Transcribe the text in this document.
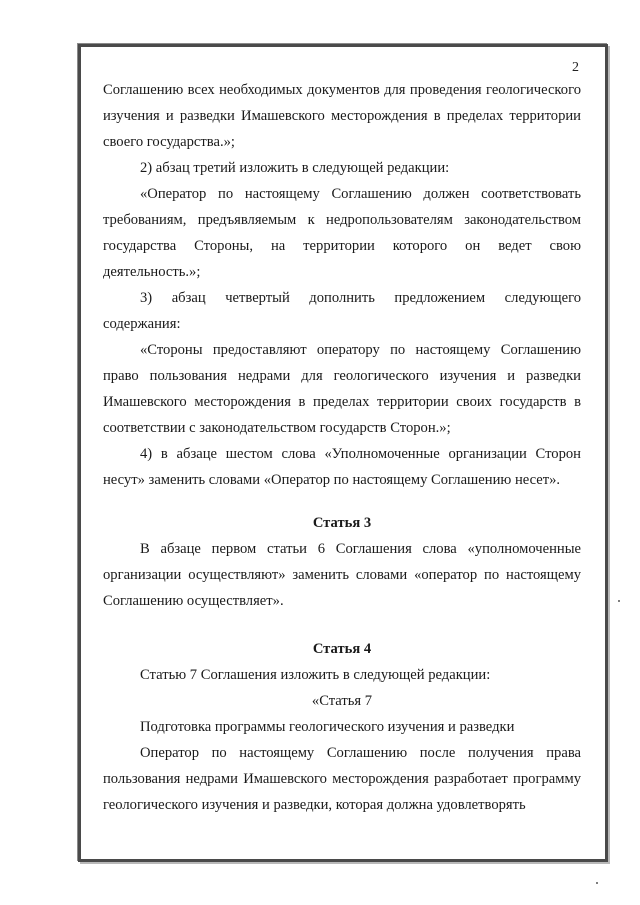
2

Соглашению всех необходимых документов для проведения геологического изучения и разведки Имашевского месторождения в пределах территории своего государства.»;

2) абзац третий изложить в следующей редакции:

«Оператор по настоящему Соглашению должен соответствовать требованиям, предъявляемым к недропользователям законодательством государства Стороны, на территории которого он ведет свою деятельность.»;

3) абзац четвертый дополнить предложением следующего содержания:

«Стороны предоставляют оператору по настоящему Соглашению право пользования недрами для геологического изучения и разведки Имашевского месторождения в пределах территории своих государств в соответствии с законодательством государств Сторон.»;

4) в абзаце шестом слова «Уполномоченные организации Сторон несут» заменить словами «Оператор по настоящему Соглашению несет».

Статья 3

В абзаце первом статьи 6 Соглашения слова «уполномоченные организации осуществляют» заменить словами «оператор по настоящему Соглашению осуществляет».

Статья 4

Статью 7 Соглашения изложить в следующей редакции:

«Статья 7

Подготовка программы геологического изучения и разведки

Оператор по настоящему Соглашению после получения права пользования недрами Имашевского месторождения разработает программу геологического изучения и разведки, которая должна удовлетворять
